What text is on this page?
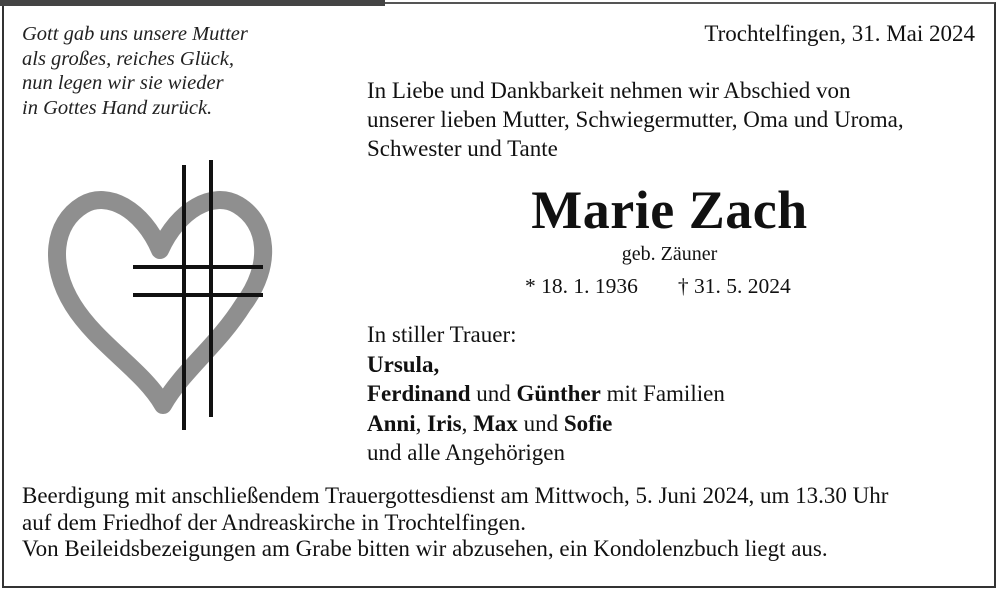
Gott gab uns unsere Mutter
als großes, reiches Glück,
nun legen wir sie wieder
in Gottes Hand zurück.
Trochtelfingen, 31. Mai 2024
In Liebe und Dankbarkeit nehmen wir Abschied von
unserer lieben Mutter, Schwiegermutter, Oma und Uroma,
Schwester und Tante
Marie Zach
geb. Zäuner
* 18. 1. 1936 † 31. 5. 2024
In stiller Trauer:
Ursula,
Ferdinand und Günther mit Familien
Anni, Iris, Max und Sofie
und alle Angehörigen
Beerdigung mit anschließendem Trauergottesdienst am Mittwoch, 5. Juni 2024, um 13.30 Uhr
auf dem Friedhof der Andreaskirche in Trochtelfingen.
Von Beileidsbezeigungen am Grabe bitten wir abzusehen, ein Kondolenzbuch liegt aus.
